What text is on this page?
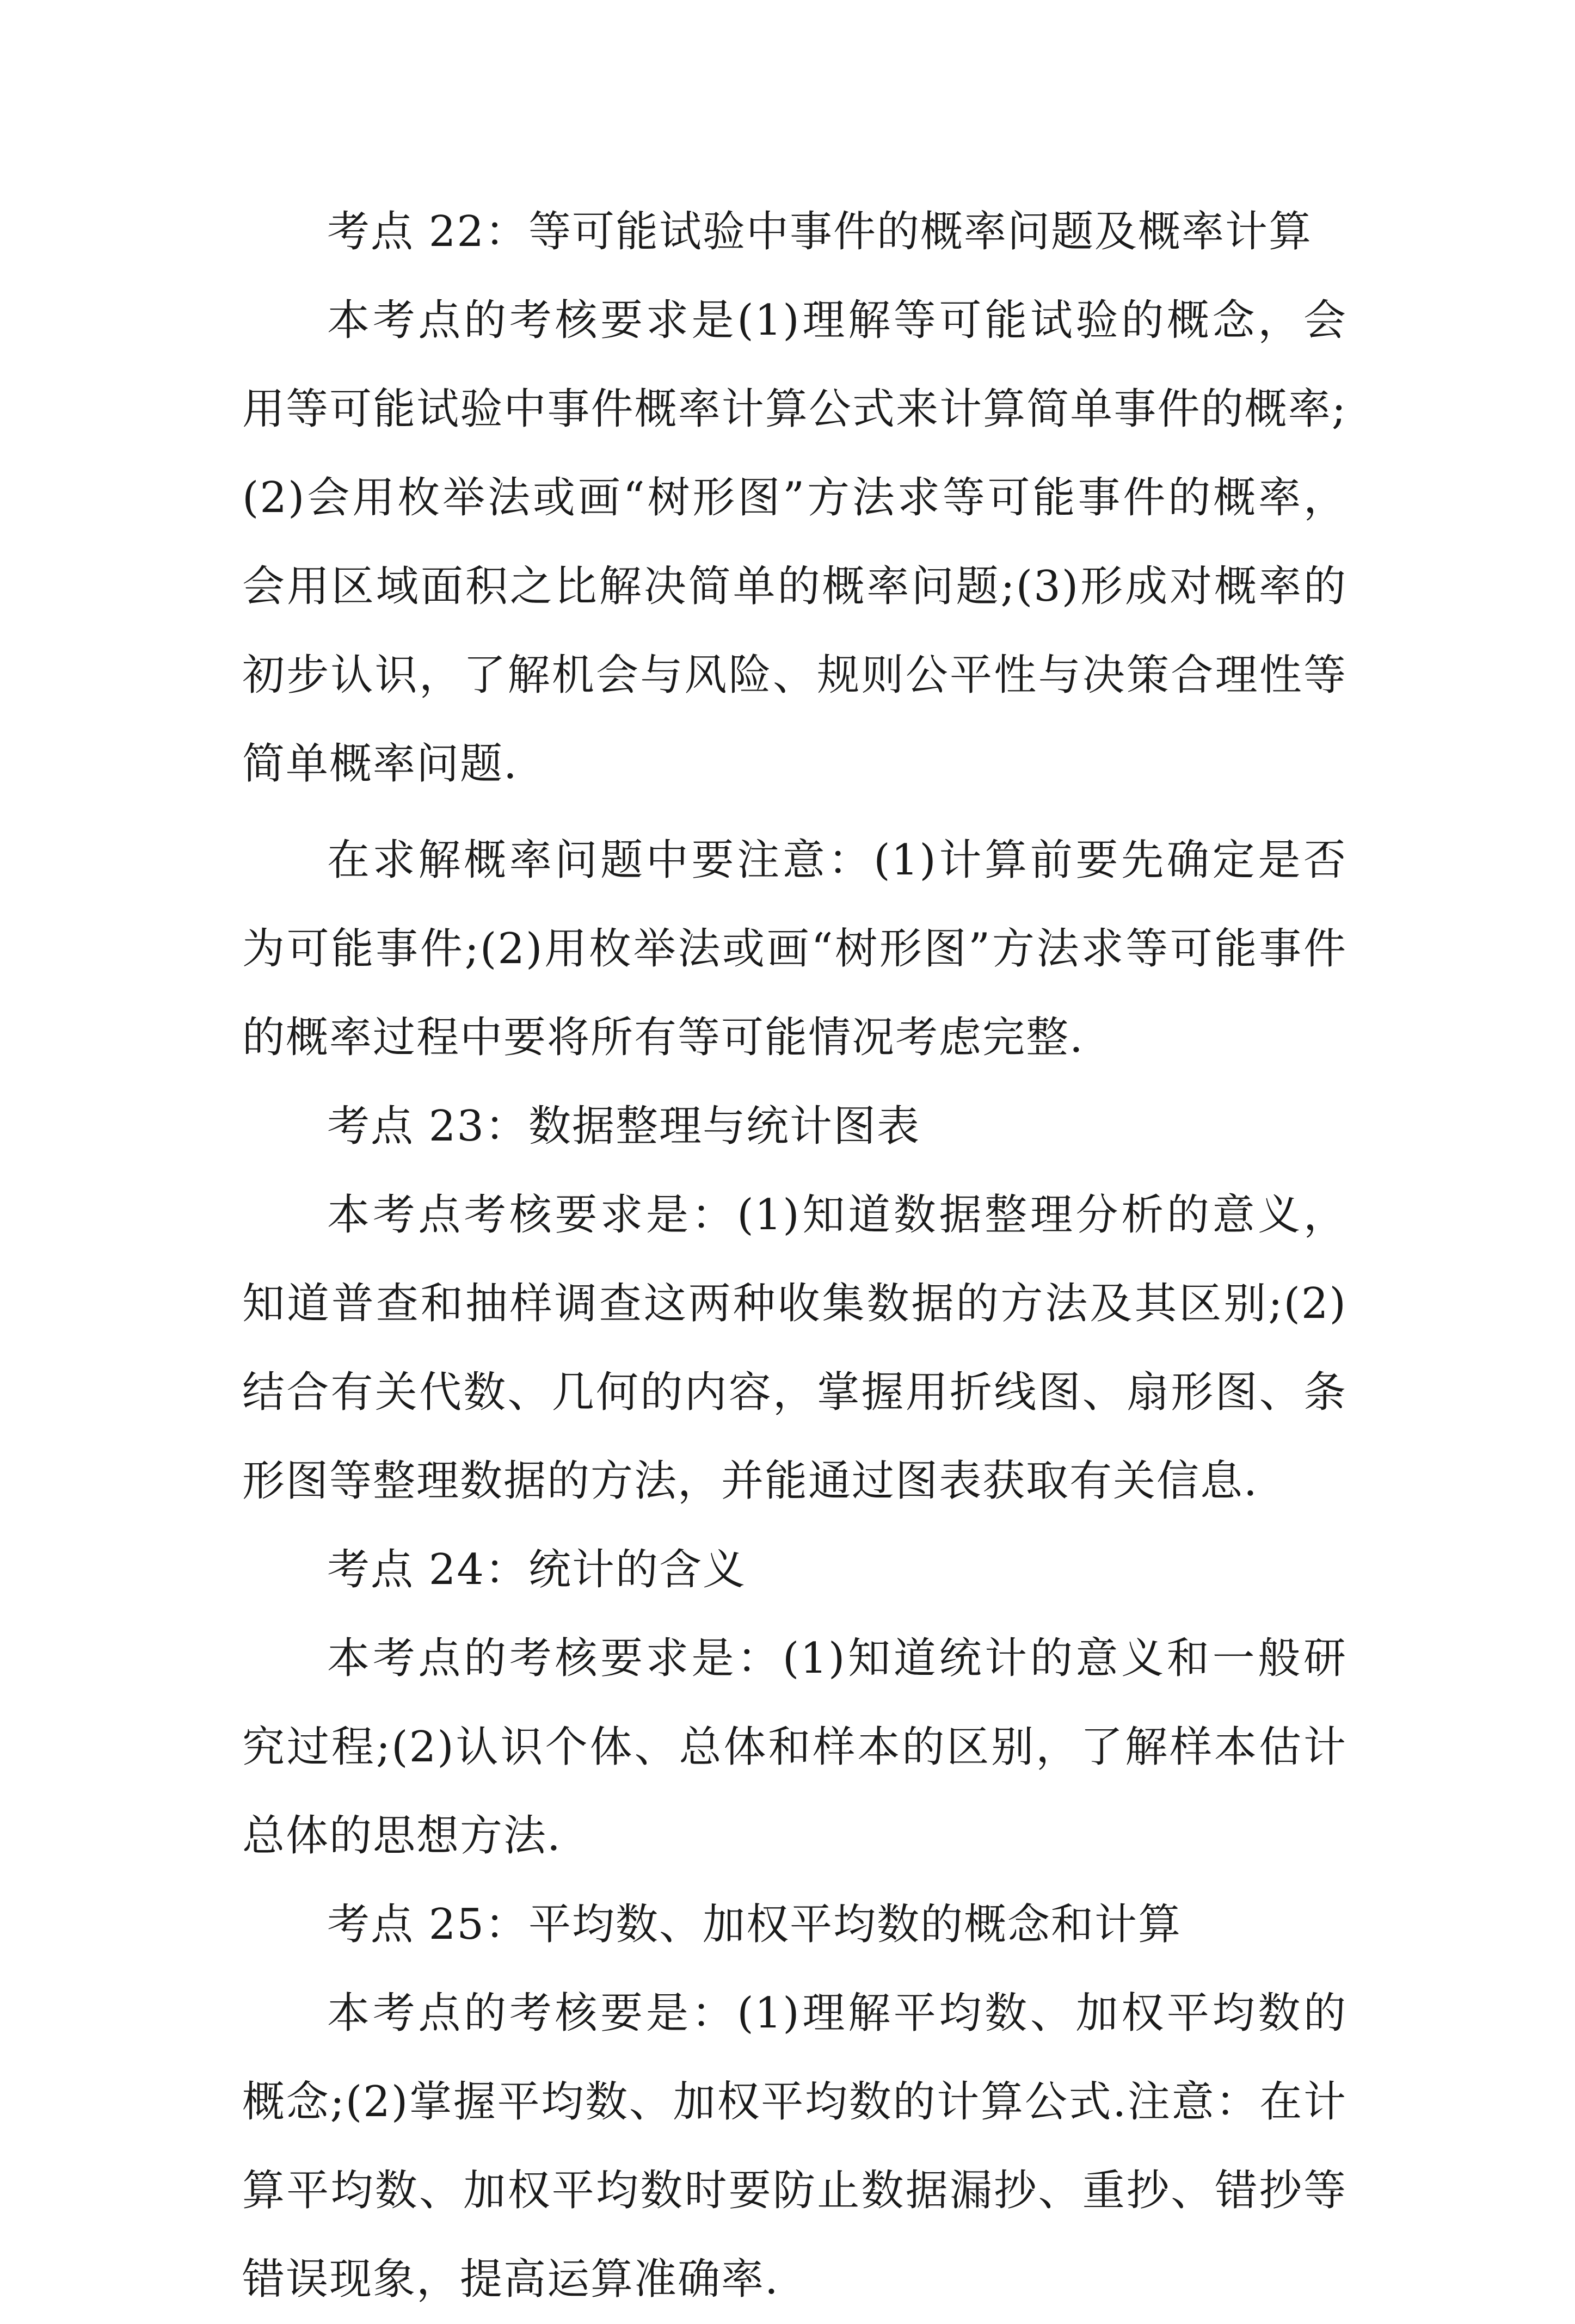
考点 22：等可能试验中事件的概率问题及概率计算

本考点的考核要求是(1)理解等可能试验的概念，会用等可能试验中事件概率计算公式来计算简单事件的概率;(2)会用枚举法或画“树形图”方法求等可能事件的概率，会用区域面积之比解决简单的概率问题;(3)形成对概率的初步认识，了解机会与风险、规则公平性与决策合理性等简单概率问题.

在求解概率问题中要注意：(1)计算前要先确定是否为可能事件;(2)用枚举法或画“树形图”方法求等可能事件的概率过程中要将所有等可能情况考虑完整.

考点 23：数据整理与统计图表

本考点考核要求是：(1)知道数据整理分析的意义，知道普查和抽样调查这两种收集数据的方法及其区别;(2)结合有关代数、几何的内容，掌握用折线图、扇形图、条形图等整理数据的方法，并能通过图表获取有关信息.

考点 24：统计的含义

本考点的考核要求是：(1)知道统计的意义和一般研究过程;(2)认识个体、总体和样本的区别，了解样本估计总体的思想方法.

考点 25：平均数、加权平均数的概念和计算

本考点的考核要是：(1)理解平均数、加权平均数的概念;(2)掌握平均数、加权平均数的计算公式.注意：在计算平均数、加权平均数时要防止数据漏抄、重抄、错抄等错误现象，提高运算准确率.
